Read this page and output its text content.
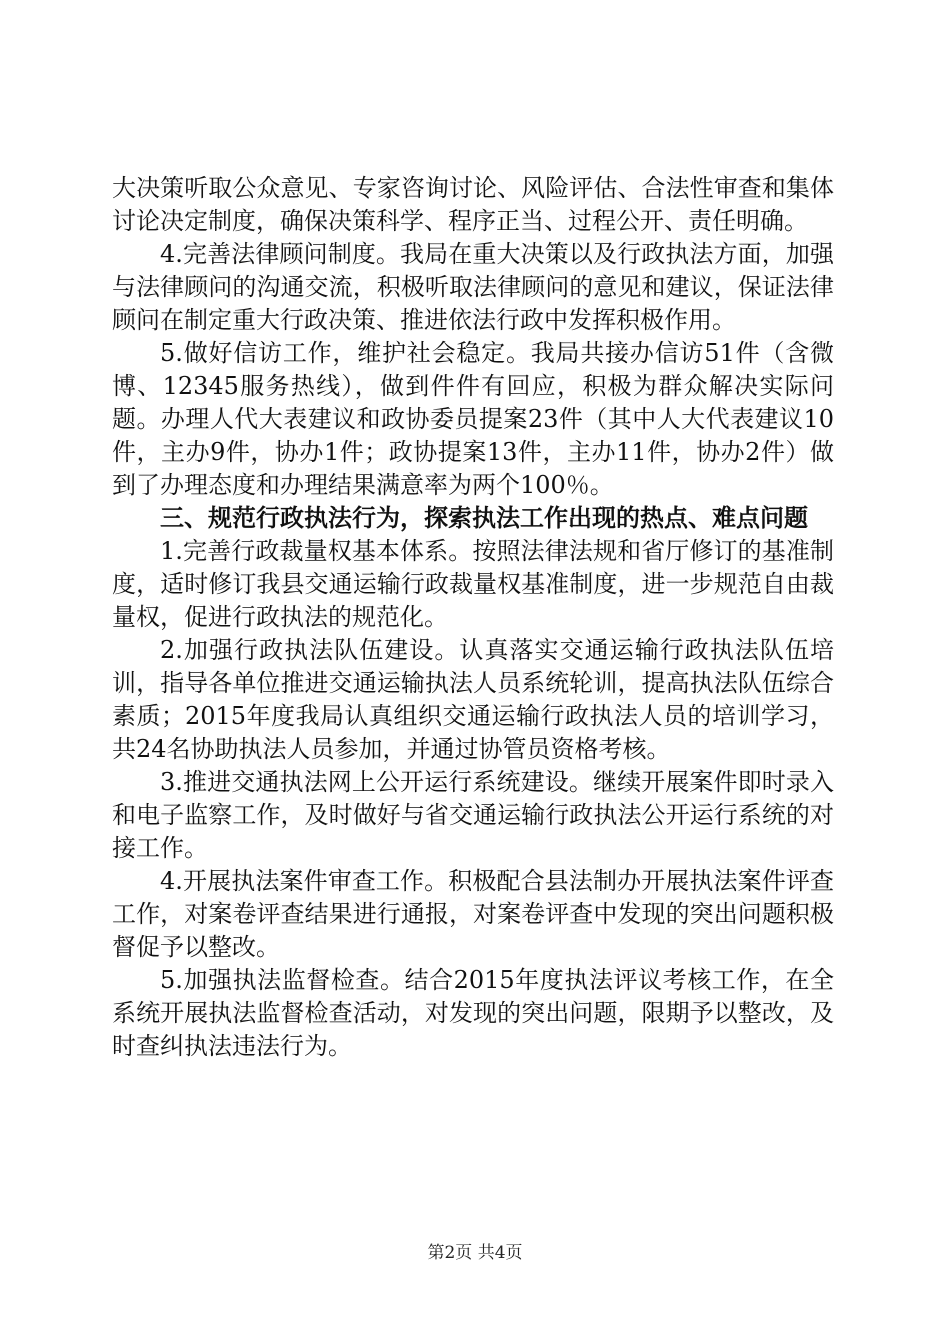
大决策听取公众意见、专家咨询讨论、风险评估、合法性审查和集体讨论决定制度，确保决策科学、程序正当、过程公开、责任明确。

4.完善法律顾问制度。我局在重大决策以及行政执法方面，加强与法律顾问的沟通交流，积极听取法律顾问的意见和建议，保证法律顾问在制定重大行政决策、推进依法行政中发挥积极作用。

5.做好信访工作，维护社会稳定。我局共接办信访51件（含微博、12345服务热线），做到件件有回应，积极为群众解决实际问题。办理人代大表建议和政协委员提案23件（其中人大代表建议10件，主办9件，协办1件；政协提案13件，主办11件，协办2件）做到了办理态度和办理结果满意率为两个100％。

三、规范行政执法行为，探索执法工作出现的热点、难点问题

1.完善行政裁量权基本体系。按照法律法规和省厅修订的基准制度，适时修订我县交通运输行政裁量权基准制度，进一步规范自由裁量权，促进行政执法的规范化。

2.加强行政执法队伍建设。认真落实交通运输行政执法队伍培训，指导各单位推进交通运输执法人员系统轮训，提高执法队伍综合素质；2015年度我局认真组织交通运输行政执法人员的培训学习，共24名协助执法人员参加，并通过协管员资格考核。

3.推进交通执法网上公开运行系统建设。继续开展案件即时录入和电子监察工作，及时做好与省交通运输行政执法公开运行系统的对接工作。

4.开展执法案件审查工作。积极配合县法制办开展执法案件评查工作，对案卷评查结果进行通报，对案卷评查中发现的突出问题积极督促予以整改。

5.加强执法监督检查。结合2015年度执法评议考核工作，在全系统开展执法监督检查活动，对发现的突出问题，限期予以整改，及时查纠执法违法行为。

第2页 共4页
